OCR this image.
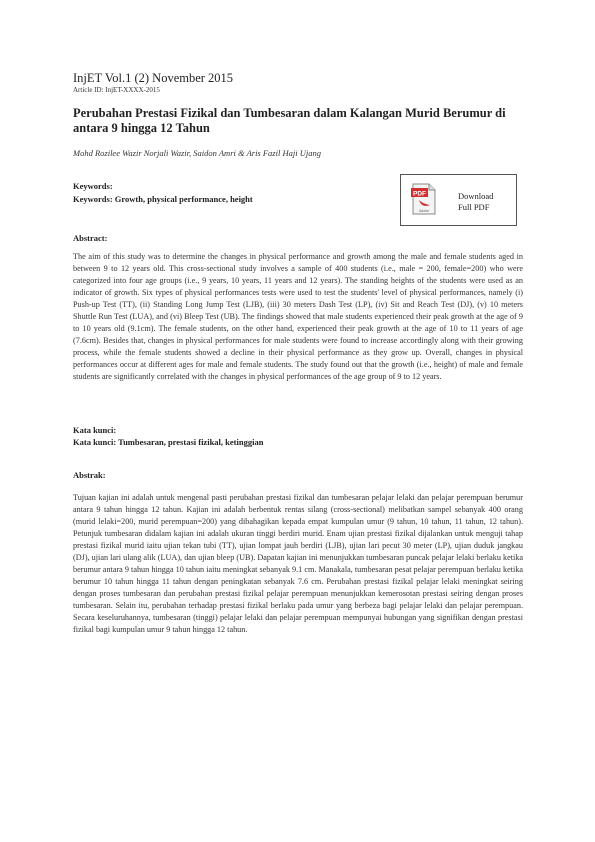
InjET Vol.1 (2) November 2015
Article ID: InjET-XXXX-2015
Perubahan Prestasi Fizikal dan Tumbesaran dalam Kalangan Murid Berumur di antara 9 hingga 12 Tahun
Mohd Rozilee Wazir Norjali Wazir, Saidon Amri & Aris Fazil Haji Ujang
Keywords:
Keywords: Growth, physical performance, height	PDF
Adobe
Download
Full PDF
Abstract:
The aim of this study was to determine the changes in physical performance and growth among the male and female students aged in between 9 to 12 years old. This cross-sectional study involves a sample of 400 students (i.e., male = 200, female=200) who were categorized into four age groups (i.e., 9 years, 10 years, 11 years and 12 years). The standing heights of the students were used as an indicator of growth. Six types of physical performances tests were used to test the students' level of physical performances, namely (i) Push-up Test (TT), (ii) Standing Long Jump Test (LJB), (iii) 30 meters Dash Test (LP), (iv) Sit and Reach Test (DJ), (v) 10 meters Shuttle Run Test (LUA), and (vi) Bleep Test (UB). The findings showed that male students experienced their peak growth at the age of 9 to 10 years old (9.1cm). The female students, on the other hand, experienced their peak growth at the age of 10 to 11 years of age (7.6cm). Besides that, changes in physical performances for male students were found to increase accordingly along with their growing process, while the female students showed a decline in their physical performance as they grow up. Overall, changes in physical performances occur at different ages for male and female students. The study found out that the growth (i.e., height) of male and female students are significantly correlated with the changes in physical performances of the age group of 9 to 12 years.
Kata kunci:
Kata kunci: Tumbesaran, prestasi fizikal, ketinggian
Abstrak:
Tujuan kajian ini adalah untuk mengenal pasti perubahan prestasi fizikal dan tumbesaran pelajar lelaki dan pelajar perempuan berumur antara 9 tahun hingga 12 tahun. Kajian ini adalah berbentuk rentas silang (cross-sectional) melibatkan sampel sebanyak 400 orang (murid lelaki=200, murid perempuan=200) yang dibahagikan kepada empat kumpulan umur (9 tahun, 10 tahun, 11 tahun, 12 tahun). Petunjuk tumbesaran didalam kajian ini adalah ukuran tinggi berdiri murid. Enam ujian prestasi fizikal dijalankan untuk menguji tahap prestasi fizikal murid iaitu ujian tekan tubi (TT), ujian lompat jauh berdiri (LJB), ujian lari pecut 30 meter (LP), ujian duduk jangkau (DJ), ujian lari ulang alik (LUA), dan ujian bleep (UB). Dapatan kajian ini menunjukkan tumbesaran puncak pelajar lelaki berlaku ketika berumur antara 9 tahun hingga 10 tahun iaitu meningkat sebanyak 9.1 cm. Manakala, tumbesaran pesat pelajar perempuan berlaku ketika berumur 10 tahun hingga 11 tahun dengan peningkatan sebanyak 7.6 cm. Perubahan prestasi fizikal pelajar lelaki meningkat seiring dengan proses tumbesaran dan perubahan prestasi fizikal pelajar perempuan menunjukkan kemerosotan prestasi seiring dengan proses tumbesaran. Selain itu, perubahan terhadap prestasi fizikal berlaku pada umur yang berbeza bagi pelajar lelaki dan pelajar perempuan. Secara keseluruhannya, tumbesaran (tinggi) pelajar lelaki dan pelajar perempuan mempunyai hubungan yang signifikan dengan prestasi fizikal bagi kumpulan umur 9 tahun hingga 12 tahun.
